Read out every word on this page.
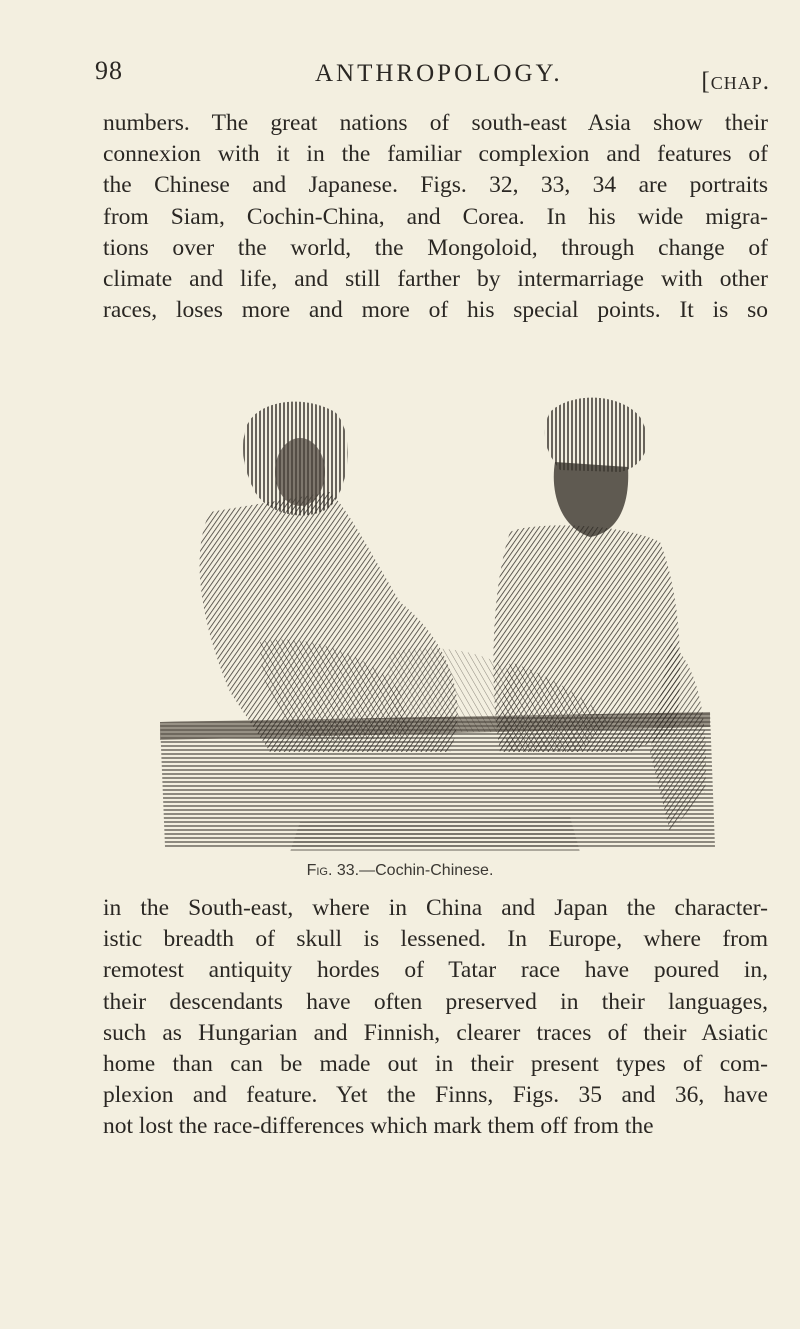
98	ANTHROPOLOGY.	[chap.
numbers. The great nations of south-east Asia show their
connexion with it in the familiar complexion and features of
the Chinese and Japanese. Figs. 32, 33, 34 are portraits
from Siam, Cochin-China, and Corea. In his wide migra-
tions over the world, the Mongoloid, through change of
climate and life, and still farther by intermarriage with other
races, loses more and more of his special points. It is so
Fig. 33.—Cochin-Chinese.
in the South-east, where in China and Japan the character-
istic breadth of skull is lessened. In Europe, where from
remotest antiquity hordes of Tatar race have poured in,
their descendants have often preserved in their languages,
such as Hungarian and Finnish, clearer traces of their Asiatic
home than can be made out in their present types of com-
plexion and feature. Yet the Finns, Figs. 35 and 36, have
not lost the race-differences which mark them off from the
